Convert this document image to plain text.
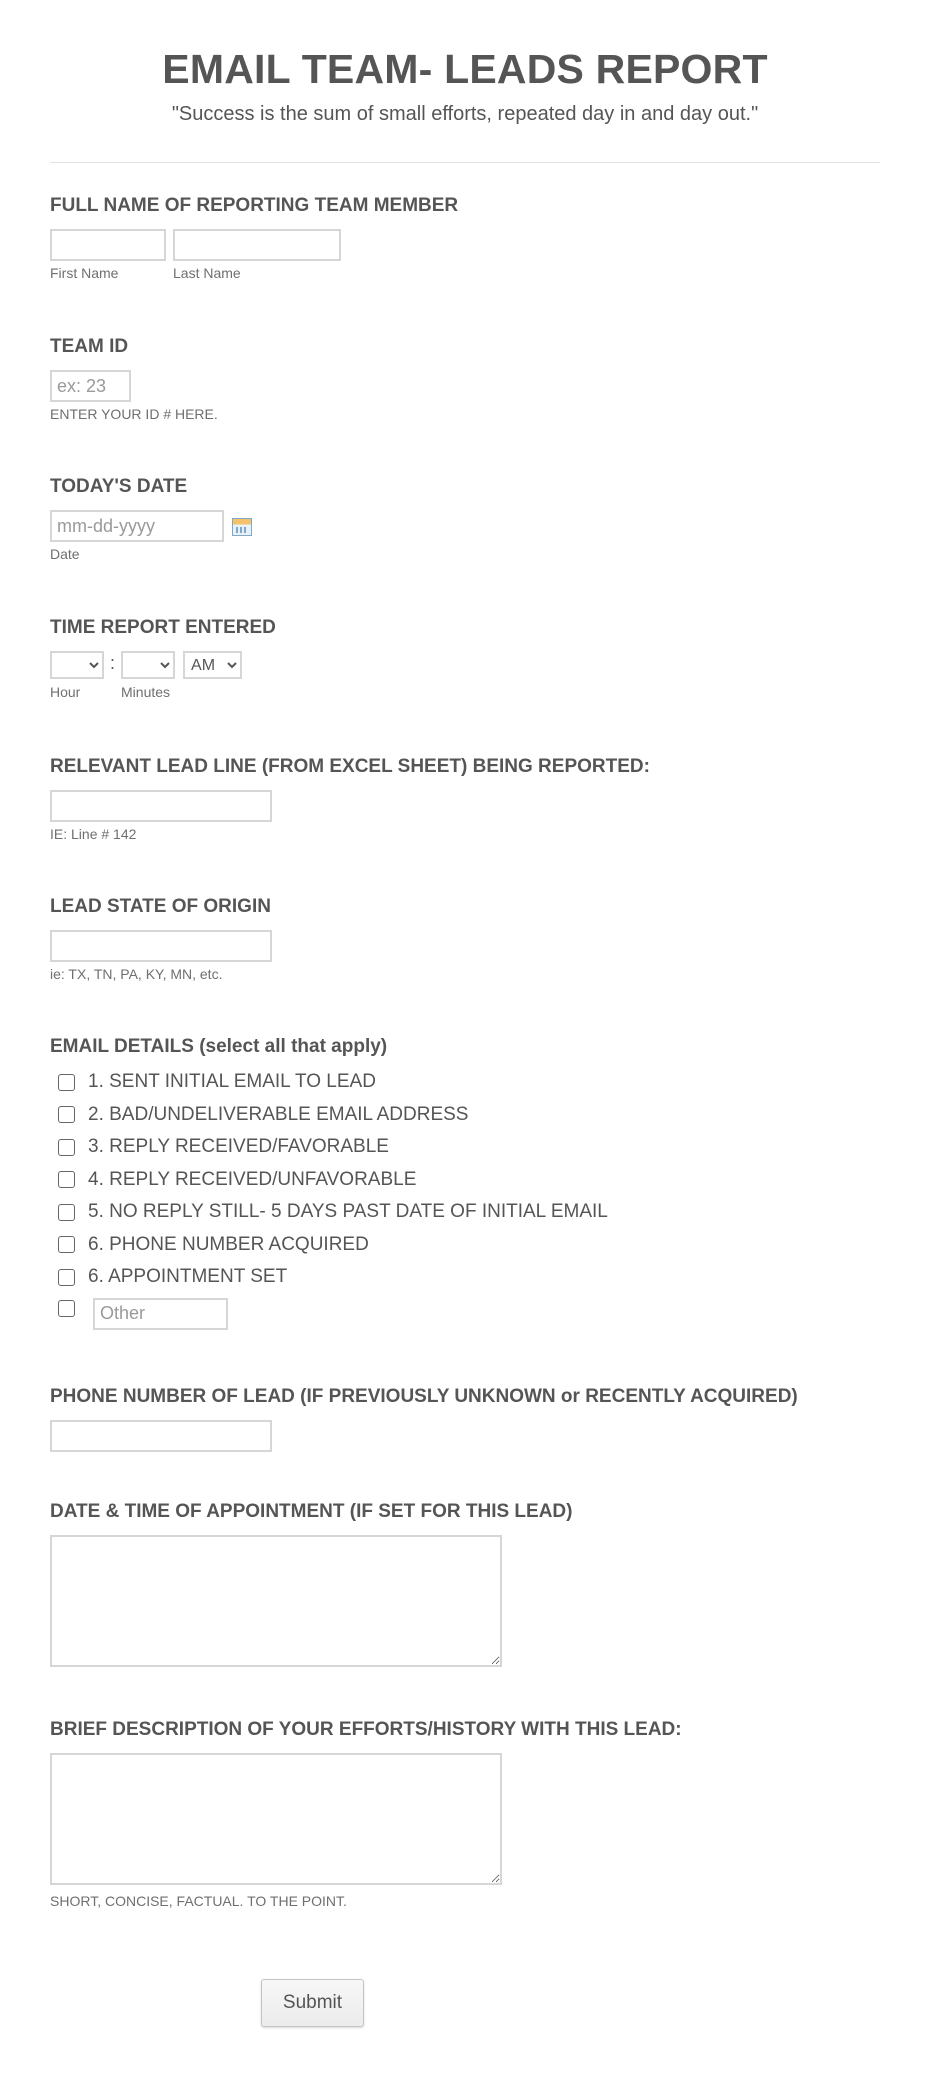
EMAIL TEAM- LEADS REPORT
"Success is the sum of small efforts, repeated day in and day out."
FULL NAME OF REPORTING TEAM MEMBER
First Name	Last Name
TEAM ID
ex: 23
ENTER YOUR ID # HERE.
TODAY'S DATE
mm-dd-yyyy
Date
TIME REPORT ENTERED
Hour
:
Minutes
AM
RELEVANT LEAD LINE (FROM EXCEL SHEET) BEING REPORTED:
IE: Line # 142
LEAD STATE OF ORIGIN
ie: TX, TN, PA, KY, MN, etc.
EMAIL DETAILS (select all that apply)
1. SENT INITIAL EMAIL TO LEAD
2. BAD/UNDELIVERABLE EMAIL ADDRESS
3. REPLY RECEIVED/FAVORABLE
4. REPLY RECEIVED/UNFAVORABLE
5. NO REPLY STILL- 5 DAYS PAST DATE OF INITIAL EMAIL
6. PHONE NUMBER ACQUIRED
6. APPOINTMENT SET
Other
PHONE NUMBER OF LEAD (IF PREVIOUSLY UNKNOWN or RECENTLY ACQUIRED)
DATE & TIME OF APPOINTMENT (IF SET FOR THIS LEAD)
BRIEF DESCRIPTION OF YOUR EFFORTS/HISTORY WITH THIS LEAD:
SHORT, CONCISE, FACTUAL. TO THE POINT.
Submit
